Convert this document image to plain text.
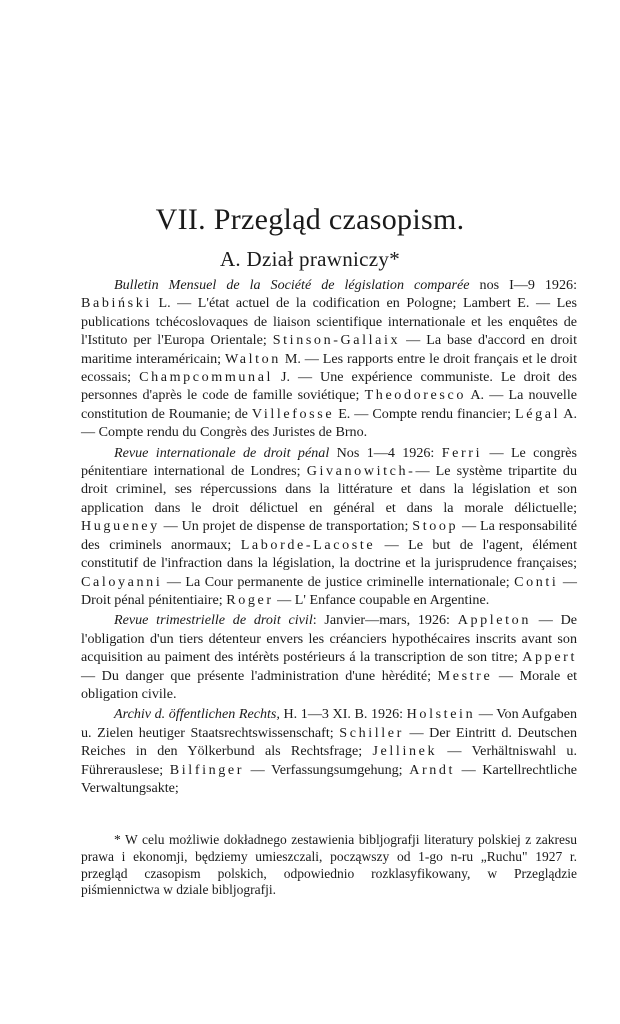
VII. Przegląd czasopism.
A. Dział prawniczy*

Bulletin Mensuel de la Société de législation comparée nos I—9 1926: Babiński L. — L'état actuel de la codification en Pologne; Lambert E. — Les publications tchécoslovaques de liaison scientifique internationale et les enquêtes de l'Istituto per l'Europa Orientale; Stinson-Gallaix — La base d'accord en droit maritime interaméricain; Walton M. — Les rapports entre le droit français et le droit ecossais; Champcommunal J. — Une expérience communiste. Le droit des personnes d'après le code de famille soviétique; Theodoresco A. — La nouvelle constitution de Roumanie; de Villefosse E. — Compte rendu financier; Légal A. — Compte rendu du Congrès des Juristes de Brno.

Revue internationale de droit pénal Nos 1—4 1926: Ferri — Le congrès pénitentiare international de Londres; Givanowitch-— Le système tripartite du droit criminel, ses répercussions dans la littérature et dans la législation et son application dans le droit délictuel en général et dans la morale délictuelle; Hugueney — Un projet de dispense de transportation; Stoop — La responsabilité des criminels anormaux; Laborde-Lacoste — Le but de l'agent, élément constitutif de l'infraction dans la législation, la doctrine et la jurisprudence françaises; Caloyanni — La Cour permanente de justice criminelle internationale; Conti — Droit pénal pénitentiaire; Roger — L' Enfance coupable en Argentine.

Revue trimestrielle de droit civil: Janvier—mars, 1926: Appleton — De l'obligation d'un tiers détenteur envers les créanciers hypothécaires inscrits avant son acquisition au paiment des intérèts postérieurs á la transcription de son titre; Appert — Du danger que présente l'administration d'une hèrédité; Mestre — Morale et obligation civile.

Archiv d. öffentlichen Rechts, H. 1—3 XI. B. 1926: Holstein — Von Aufgaben u. Zielen heutiger Staatsrechtswissenschaft; Schiller — Der Eintritt d. Deutschen Reiches in den Yölkerbund als Rechtsfrage; Jellinek — Verhältniswahl u. Führerauslese; Bilfinger — Verfassungsumgehung; Arndt — Kartellrechtliche Verwaltungsakte;

* W celu możliwie dokładnego zestawienia bibljografji literatury polskiej z zakresu prawa i ekonomji, będziemy umieszczali, począwszy od 1-go n-ru „Ruchu" 1927 r. przegląd czasopism polskich, odpowiednio rozklasyfikowany, w Przeglądzie piśmiennictwa w dziale bibljografji.
